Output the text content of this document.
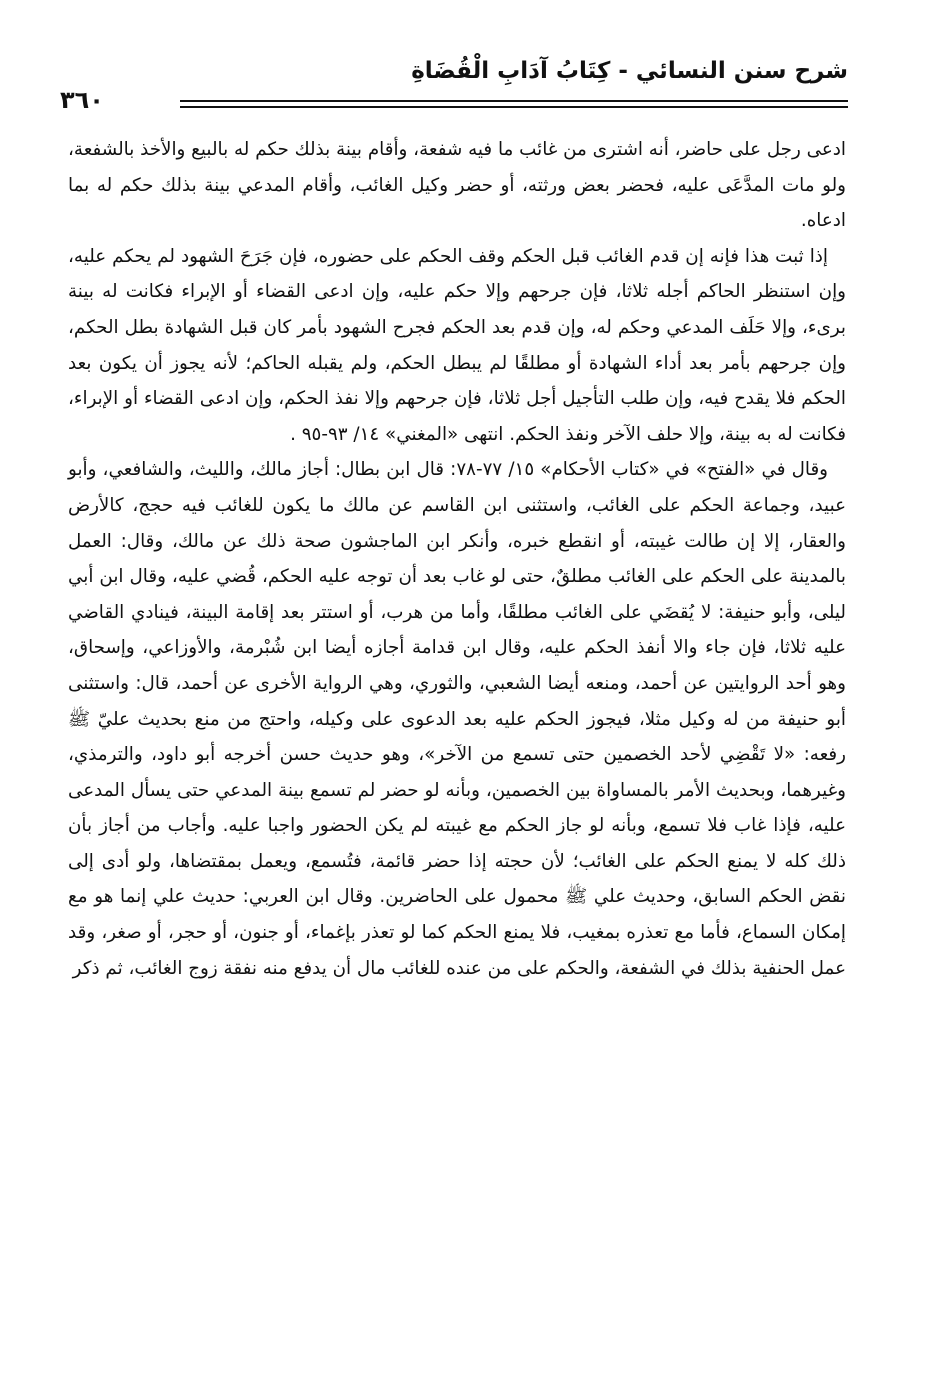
شرح سنن النسائي - كِتَابُ آدَابِ الْقُضَاةِ
٣٦٠

ادعى رجل على حاضر، أنه اشترى من غائب ما فيه شفعة، وأقام بينة بذلك حكم له بالبيع والأخذ بالشفعة، ولو مات المدَّعَى عليه، فحضر بعض ورثته، أو حضر وكيل الغائب، وأقام المدعي بينة بذلك حكم له بما ادعاه.

إذا ثبت هذا فإنه إن قدم الغائب قبل الحكم وقف الحكم على حضوره، فإن جَرَحَ الشهود لم يحكم عليه، وإن استنظر الحاكم أجله ثلاثا، فإن جرحهم وإلا حكم عليه، وإن ادعى القضاء أو الإبراء فكانت له بينة برىء، وإلا حَلَف المدعي وحكم له، وإن قدم بعد الحكم فجرح الشهود بأمر كان قبل الشهادة بطل الحكم، وإن جرحهم بأمر بعد أداء الشهادة أو مطلقًا لم يبطل الحكم، ولم يقبله الحاكم؛ لأنه يجوز أن يكون بعد الحكم فلا يقدح فيه، وإن طلب التأجيل أجل ثلاثا، فإن جرحهم وإلا نفذ الحكم، وإن ادعى القضاء أو الإبراء، فكانت له به بينة، وإلا حلف الآخر ونفذ الحكم. انتهى «المغني» ١٤/ ٩٣-٩٥ .

وقال في «الفتح» في «كتاب الأحكام» ١٥/ ٧٧-٧٨: قال ابن بطال: أجاز مالك، والليث، والشافعي، وأبو عبيد، وجماعة الحكم على الغائب، واستثنى ابن القاسم عن مالك ما يكون للغائب فيه حجج، كالأرض والعقار، إلا إن طالت غيبته، أو انقطع خبره، وأنكر ابن الماجشون صحة ذلك عن مالك، وقال: العمل بالمدينة على الحكم على الغائب مطلقٌ، حتى لو غاب بعد أن توجه عليه الحكم، قُضي عليه، وقال ابن أبي ليلى، وأبو حنيفة: لا يُقضَي على الغائب مطلقًا، وأما من هرب، أو استتر بعد إقامة البينة، فينادي القاضي عليه ثلاثا، فإن جاء والا أنفذ الحكم عليه، وقال ابن قدامة أجازه أيضا ابن شُبْرمة، والأوزاعي، وإسحاق، وهو أحد الروايتين عن أحمد، ومنعه أيضا الشعبي، والثوري، وهي الرواية الأخرى عن أحمد، قال: واستثنى أبو حنيفة من له وكيل مثلا، فيجوز الحكم عليه بعد الدعوى على وكيله، واحتج من منع بحديث عليّ ﷺ رفعه: «لا تَقْضِي لأحد الخصمين حتى تسمع من الآخر»، وهو حديث حسن أخرجه أبو داود، والترمذي، وغيرهما، وبحديث الأمر بالمساواة بين الخصمين، وبأنه لو حضر لم تسمع بينة المدعي حتى يسأل المدعى عليه، فإذا غاب فلا تسمع، وبأنه لو جاز الحكم مع غيبته لم يكن الحضور واجبا عليه. وأجاب من أجاز بأن ذلك كله لا يمنع الحكم على الغائب؛ لأن حجته إذا حضر قائمة، فتُسمع، ويعمل بمقتضاها، ولو أدى إلى نقض الحكم السابق، وحديث علي ﷺ محمول على الحاضرين. وقال ابن العربي: حديث علي إنما هو مع إمكان السماع، فأما مع تعذره بمغيب، فلا يمنع الحكم كما لو تعذر بإغماء، أو جنون، أو حجر، أو صغر، وقد عمل الحنفية بذلك في الشفعة، والحكم على من عنده للغائب مال أن يدفع منه نفقة زوج الغائب، ثم ذكر
